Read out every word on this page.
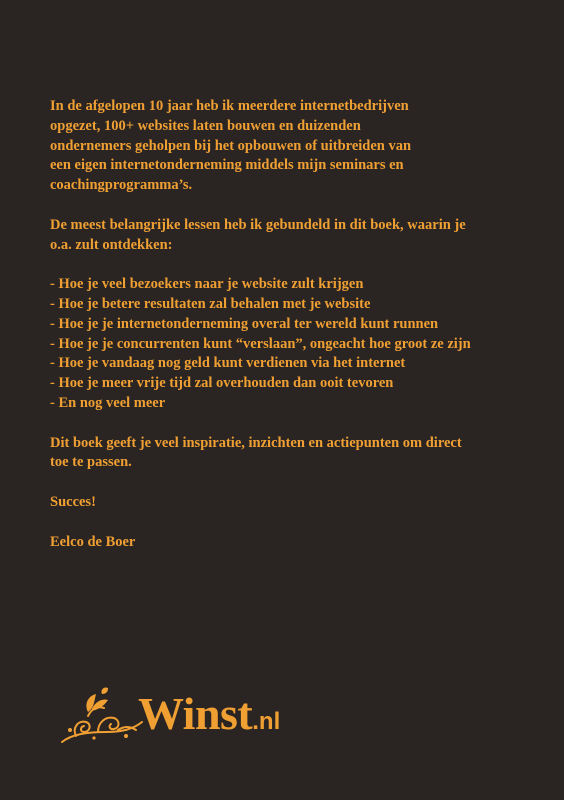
In de afgelopen 10 jaar heb ik meerdere internetbedrijven
opgezet, 100+ websites laten bouwen en duizenden
ondernemers geholpen bij het opbouwen of uitbreiden van
een eigen internetonderneming middels mijn seminars en
coachingprogramma’s.
De meest belangrijke lessen heb ik gebundeld in dit boek, waarin je
o.a. zult ontdekken:
- Hoe je veel bezoekers naar je website zult krijgen
- Hoe je betere resultaten zal behalen met je website
- Hoe je je internetonderneming overal ter wereld kunt runnen
- Hoe je je concurrenten kunt “verslaan”, ongeacht hoe groot ze zijn
- Hoe je vandaag nog geld kunt verdienen via het internet
- Hoe je meer vrije tijd zal overhouden dan ooit tevoren
- En nog veel meer
Dit boek geeft je veel inspiratie, inzichten en actiepunten om direct
toe te passen.
Succes!
Eelco de Boer
Winst.nl
